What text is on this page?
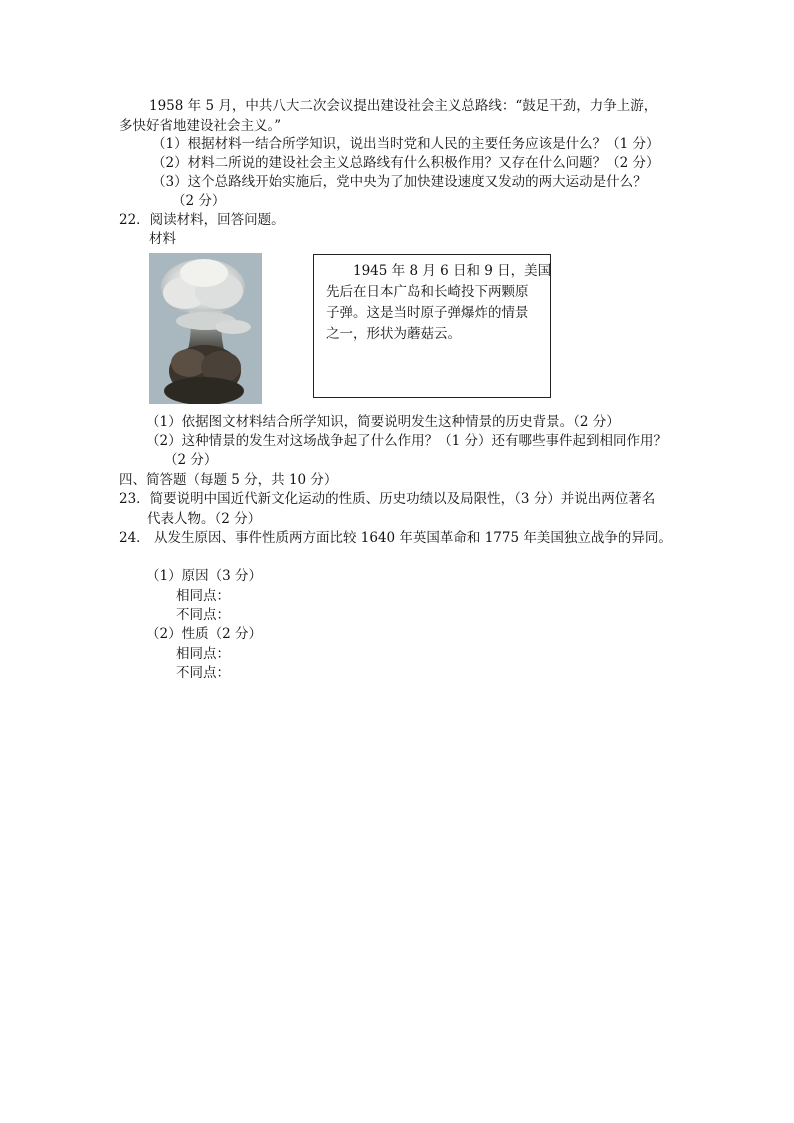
1958 年 5 月，中共八大二次会议提出建设社会主义总路线：“鼓足干劲，力争上游，
多快好省地建设社会主义。”
（1）根据材料一结合所学知识，说出当时党和人民的主要任务应该是什么？（1 分）
（2）材料二所说的建设社会主义总路线有什么积极作用？又存在什么问题？（2 分）
（3）这个总路线开始实施后，党中央为了加快建设速度又发动的两大运动是什么？
（2 分）
22．阅读材料，回答问题。
材料
1945 年 8 月 6 日和 9 日，美国
先后在日本广岛和长崎投下两颗原
子弹。这是当时原子弹爆炸的情景
之一，形状为蘑菇云。
（1）依据图文材料结合所学知识，简要说明发生这种情景的历史背景。（2 分）
（2）这种情景的发生对这场战争起了什么作用？（1 分）还有哪些事件起到相同作用？
（2 分）
四、简答题（每题 5 分，共 10 分）
23．简要说明中国近代新文化运动的性质、历史功绩以及局限性，（3 分）并说出两位著名
代表人物。（2 分）
24． 从发生原因、事件性质两方面比较 1640 年英国革命和 1775 年美国独立战争的异同。
（1）原因（3 分）
相同点：
不同点：
（2）性质（2 分）
相同点：
不同点：
